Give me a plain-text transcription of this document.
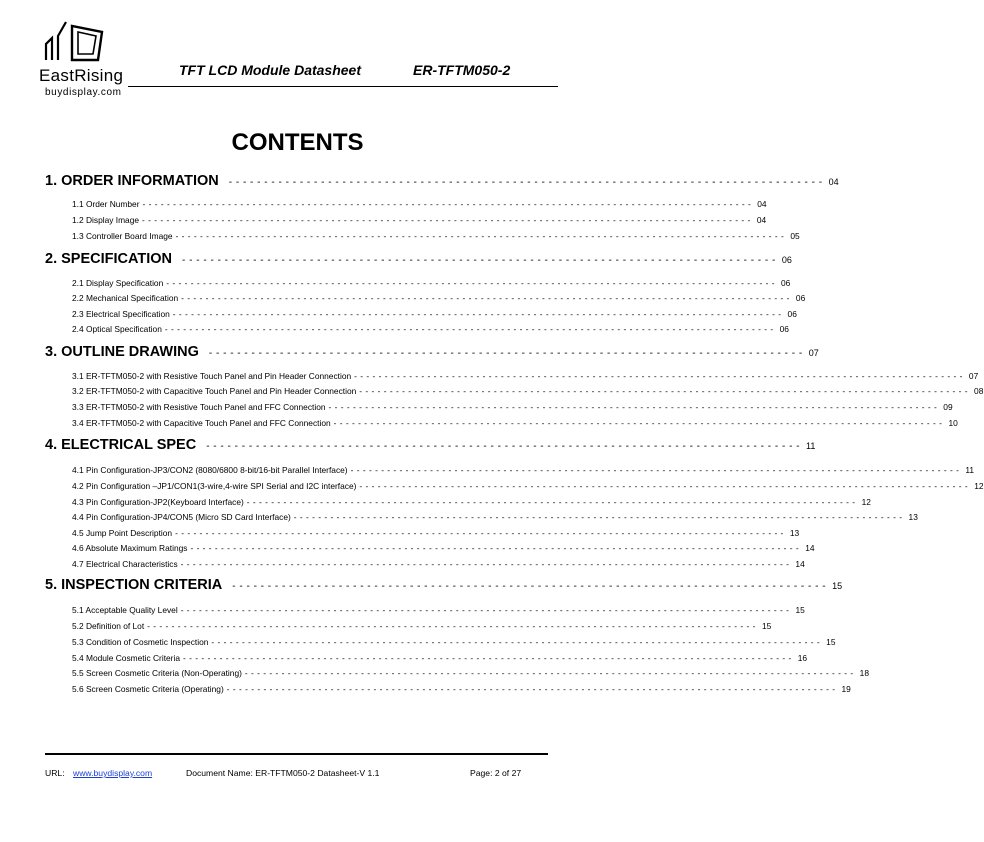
EastRising
buydisplay.com
TFT LCD Module Datasheet	ER-TFTM050-2
CONTENTS
1. ORDER INFORMATION - - - - - - - - - - - - - - - - - - - - - - - - - - - - - - - - - - - - - - - - - - - - - - - - - - - - - - - - - - - - - - - - - - - - - - - - - - - - - - - - - - - - 04
1.1 Order Number - - - - - - - - - - - - - - - - - - - - - - - - - - - - - - - - - - - - - - - - - - - - - - - - - - - - - - - - - - - - - - - - - - - - - - - - - - - - - - - - - - - - - - - - - - - - - - - - - - - - 04
1.2 Display Image - - - - - - - - - - - - - - - - - - - - - - - - - - - - - - - - - - - - - - - - - - - - - - - - - - - - - - - - - - - - - - - - - - - - - - - - - - - - - - - - - - - - - - - - - - - - - - - - - - - - 04
1.3 Controller Board Image - - - - - - - - - - - - - - - - - - - - - - - - - - - - - - - - - - - - - - - - - - - - - - - - - - - - - - - - - - - - - - - - - - - - - - - - - - - - - - - - - - - - - - - - - - - - - - - - - - - - 05
2. SPECIFICATION - - - - - - - - - - - - - - - - - - - - - - - - - - - - - - - - - - - - - - - - - - - - - - - - - - - - - - - - - - - - - - - - - - - - - - - - - - - - - - - - - - - - 06
2.1 Display Specification - - - - - - - - - - - - - - - - - - - - - - - - - - - - - - - - - - - - - - - - - - - - - - - - - - - - - - - - - - - - - - - - - - - - - - - - - - - - - - - - - - - - - - - - - - - - - - - - - - - - 06
2.2 Mechanical Specification - - - - - - - - - - - - - - - - - - - - - - - - - - - - - - - - - - - - - - - - - - - - - - - - - - - - - - - - - - - - - - - - - - - - - - - - - - - - - - - - - - - - - - - - - - - - - - - - - - - - 06
2.3 Electrical Specification - - - - - - - - - - - - - - - - - - - - - - - - - - - - - - - - - - - - - - - - - - - - - - - - - - - - - - - - - - - - - - - - - - - - - - - - - - - - - - - - - - - - - - - - - - - - - - - - - - - - 06
2.4 Optical Specification - - - - - - - - - - - - - - - - - - - - - - - - - - - - - - - - - - - - - - - - - - - - - - - - - - - - - - - - - - - - - - - - - - - - - - - - - - - - - - - - - - - - - - - - - - - - - - - - - - - - 06
3. OUTLINE DRAWING - - - - - - - - - - - - - - - - - - - - - - - - - - - - - - - - - - - - - - - - - - - - - - - - - - - - - - - - - - - - - - - - - - - - - - - - - - - - - - - - - - - - 07
3.1 ER-TFTM050-2 with Resistive Touch Panel and Pin Header Connection - - - - - - - - - - - - - - - - - - - - - - - - - - - - - - - - - - - - - - - - - - - - - - - - - - - - - - - - - - - - - - - - - - - - - - - - - - - - - - - - - - - - - - - - - - - - - - - - - - - - 07
3.2 ER-TFTM050-2 with Capacitive Touch Panel and Pin Header Connection - - - - - - - - - - - - - - - - - - - - - - - - - - - - - - - - - - - - - - - - - - - - - - - - - - - - - - - - - - - - - - - - - - - - - - - - - - - - - - - - - - - - - - - - - - - - - - - - - - - - 08
3.3 ER-TFTM050-2 with Resistive Touch Panel and FFC Connection - - - - - - - - - - - - - - - - - - - - - - - - - - - - - - - - - - - - - - - - - - - - - - - - - - - - - - - - - - - - - - - - - - - - - - - - - - - - - - - - - - - - - - - - - - - - - - - - - - - - 09
3.4 ER-TFTM050-2 with Capacitive Touch Panel and FFC Connection - - - - - - - - - - - - - - - - - - - - - - - - - - - - - - - - - - - - - - - - - - - - - - - - - - - - - - - - - - - - - - - - - - - - - - - - - - - - - - - - - - - - - - - - - - - - - - - - - - - - 10
4. ELECTRICAL SPEC - - - - - - - - - - - - - - - - - - - - - - - - - - - - - - - - - - - - - - - - - - - - - - - - - - - - - - - - - - - - - - - - - - - - - - - - - - - - - - - - - - - - 11
4.1 Pin Configuration-JP3/CON2 (8080/6800 8-bit/16-bit Parallel Interface) - - - - - - - - - - - - - - - - - - - - - - - - - - - - - - - - - - - - - - - - - - - - - - - - - - - - - - - - - - - - - - - - - - - - - - - - - - - - - - - - - - - - - - - - - - - - - - - - - - - - 11
4.2 Pin Configuration –JP1/CON1(3-wire,4-wire SPI Serial and I2C interface) - - - - - - - - - - - - - - - - - - - - - - - - - - - - - - - - - - - - - - - - - - - - - - - - - - - - - - - - - - - - - - - - - - - - - - - - - - - - - - - - - - - - - - - - - - - - - - - - - - - - 12
4.3 Pin Configuration-JP2(Keyboard Interface) - - - - - - - - - - - - - - - - - - - - - - - - - - - - - - - - - - - - - - - - - - - - - - - - - - - - - - - - - - - - - - - - - - - - - - - - - - - - - - - - - - - - - - - - - - - - - - - - - - - - 12
4.4 Pin Configuration-JP4/CON5 (Micro SD Card Interface) - - - - - - - - - - - - - - - - - - - - - - - - - - - - - - - - - - - - - - - - - - - - - - - - - - - - - - - - - - - - - - - - - - - - - - - - - - - - - - - - - - - - - - - - - - - - - - - - - - - - 13
4.5 Jump Point Description - - - - - - - - - - - - - - - - - - - - - - - - - - - - - - - - - - - - - - - - - - - - - - - - - - - - - - - - - - - - - - - - - - - - - - - - - - - - - - - - - - - - - - - - - - - - - - - - - - - - 13
4.6 Absolute Maximum Ratings - - - - - - - - - - - - - - - - - - - - - - - - - - - - - - - - - - - - - - - - - - - - - - - - - - - - - - - - - - - - - - - - - - - - - - - - - - - - - - - - - - - - - - - - - - - - - - - - - - - - 14
4.7 Electrical Characteristics - - - - - - - - - - - - - - - - - - - - - - - - - - - - - - - - - - - - - - - - - - - - - - - - - - - - - - - - - - - - - - - - - - - - - - - - - - - - - - - - - - - - - - - - - - - - - - - - - - - - 14
5. INSPECTION CRITERIA - - - - - - - - - - - - - - - - - - - - - - - - - - - - - - - - - - - - - - - - - - - - - - - - - - - - - - - - - - - - - - - - - - - - - - - - - - - - - - - - - - - - 15
5.1 Acceptable Quality Level - - - - - - - - - - - - - - - - - - - - - - - - - - - - - - - - - - - - - - - - - - - - - - - - - - - - - - - - - - - - - - - - - - - - - - - - - - - - - - - - - - - - - - - - - - - - - - - - - - - - 15
5.2 Definition of Lot - - - - - - - - - - - - - - - - - - - - - - - - - - - - - - - - - - - - - - - - - - - - - - - - - - - - - - - - - - - - - - - - - - - - - - - - - - - - - - - - - - - - - - - - - - - - - - - - - - - - 15
5.3 Condition of Cosmetic Inspection - - - - - - - - - - - - - - - - - - - - - - - - - - - - - - - - - - - - - - - - - - - - - - - - - - - - - - - - - - - - - - - - - - - - - - - - - - - - - - - - - - - - - - - - - - - - - - - - - - - - 15
5.4 Module Cosmetic Criteria - - - - - - - - - - - - - - - - - - - - - - - - - - - - - - - - - - - - - - - - - - - - - - - - - - - - - - - - - - - - - - - - - - - - - - - - - - - - - - - - - - - - - - - - - - - - - - - - - - - - 16
5.5 Screen Cosmetic Criteria (Non-Operating) - - - - - - - - - - - - - - - - - - - - - - - - - - - - - - - - - - - - - - - - - - - - - - - - - - - - - - - - - - - - - - - - - - - - - - - - - - - - - - - - - - - - - - - - - - - - - - - - - - - - 18
5.6 Screen Cosmetic Criteria (Operating) - - - - - - - - - - - - - - - - - - - - - - - - - - - - - - - - - - - - - - - - - - - - - - - - - - - - - - - - - - - - - - - - - - - - - - - - - - - - - - - - - - - - - - - - - - - - - - - - - - - - 19
URL: www.buydisplay.com	Document Name: ER-TFTM050-2 Datasheet-V 1.1	Page: 2 of 27
